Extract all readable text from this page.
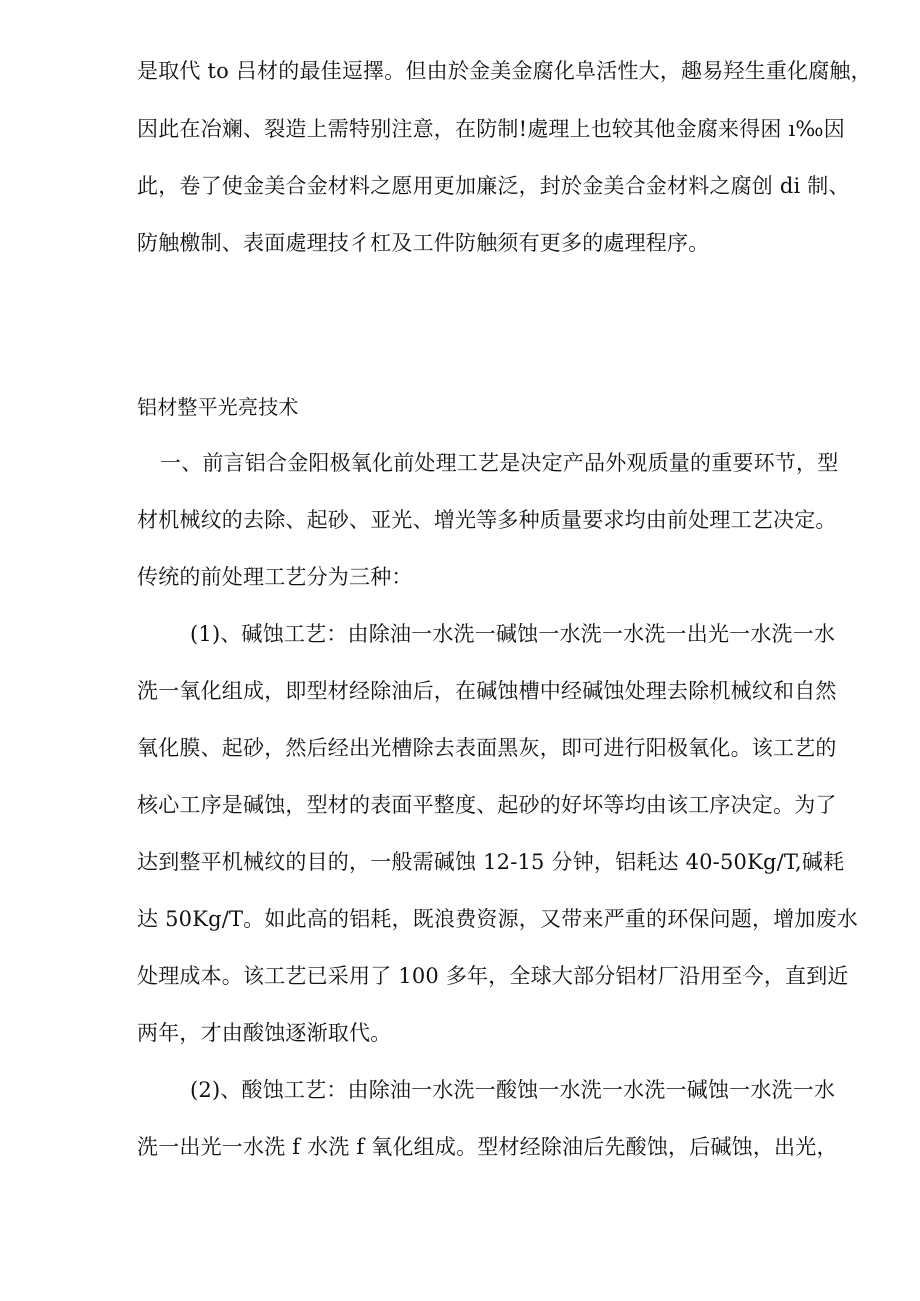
是取代 to 吕材的最佳逗擇。但由於金美金腐化阜活性大，趣易羟生重化腐触，
因此在冶斓、裂造上需特别注意，在防制!處理上也较其他金腐来得困 ı‰因
此，卷了使金美合金材料之愿用更加廉泛，封於金美合金材料之腐创 di 制、
防触檄制、表面處理技彳杠及工件防触须有更多的處理程序。
铝材整平光亮技术
一、前言铝合金阳极氧化前处理工艺是决定产品外观质量的重要环节，型
材机械纹的去除、起砂、亚光、增光等多种质量要求均由前处理工艺决定。
传统的前处理工艺分为三种：
(1)、碱蚀工艺：由除油一水洗一碱蚀一水洗一水洗一出光一水洗一水
洗一氧化组成，即型材经除油后，在碱蚀槽中经碱蚀处理去除机械纹和自然
氧化膜、起砂，然后经出光槽除去表面黑灰，即可进行阳极氧化。该工艺的
核心工序是碱蚀，型材的表面平整度、起砂的好坏等均由该工序决定。为了
达到整平机械纹的目的，一般需碱蚀 12-15 分钟，铝耗达 40-50Kg∕T,碱耗
达 50Kg∕T。如此高的铝耗，既浪费资源，又带来严重的环保问题，增加废水
处理成本。该工艺已采用了 100 多年，全球大部分铝材厂沿用至今，直到近
两年，才由酸蚀逐渐取代。
(2)、酸蚀工艺：由除油一水洗一酸蚀一水洗一水洗一碱蚀一水洗一水
洗一出光一水洗 f 水洗 f 氧化组成。型材经除油后先酸蚀，后碱蚀，出光，
